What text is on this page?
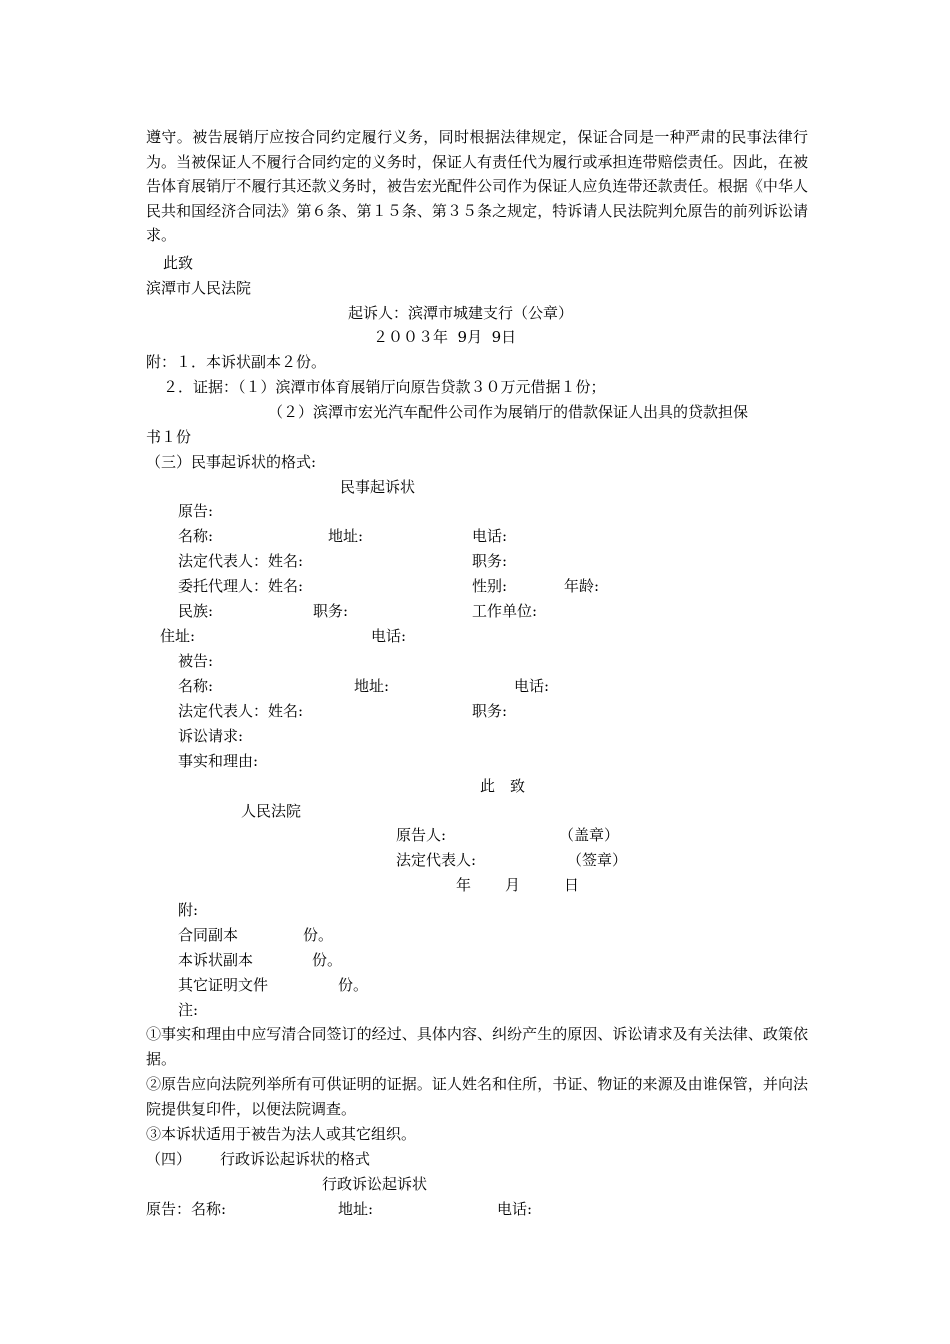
遵守。被告展销厅应按合同约定履行义务，同时根据法律规定，保证合同是一种严肃的民事法律行为。当被保证人不履行合同约定的义务时，保证人有责任代为履行或承担连带赔偿责任。因此，在被告体育展销厅不履行其还款义务时，被告宏光配件公司作为保证人应负连带还款责任。根据《中华人民共和国经济合同法》第６条、第１５条、第３５条之规定，特诉请人民法院判允原告的前列诉讼请求。
此致
滨潭市人民法院
起诉人：滨潭市城建支行（公章）
２００３年  9月  9日
附：１．本诉状副本２份。
２．证据：（１）滨潭市体育展销厅向原告贷款３０万元借据１份；
（２）滨潭市宏光汽车配件公司作为展销厅的借款保证人出具的贷款担保
书１份
（三）民事起诉状的格式:
民事起诉状
原告:
名称:	地址:	电话:
法定代表人：姓名:	职务:
委托代理人：姓名:	性别:	年龄:
民族:	职务:	工作单位:
住址:	电话:
被告:
名称:	地址:	电话:
法定代表人：姓名:	职务:
诉讼请求:
事实和理由:
此　致
人民法院
原告人:	（盖章）
法定代表人:	（签章）
年 月	日
附:
合同副本	份。
本诉状副本	份。
其它证明文件	份。
注:
①事实和理由中应写清合同签订的经过、具体内容、纠纷产生的原因、诉讼请求及有关法律、政策依据。
②原告应向法院列举所有可供证明的证据。证人姓名和住所，书证、物证的来源及由谁保管，并向法院提供复印件，以便法院调查。
③本诉状适用于被告为法人或其它组织。
（四） 行政诉讼起诉状的格式
行政诉讼起诉状
原告：名称:	地址:	电话:
